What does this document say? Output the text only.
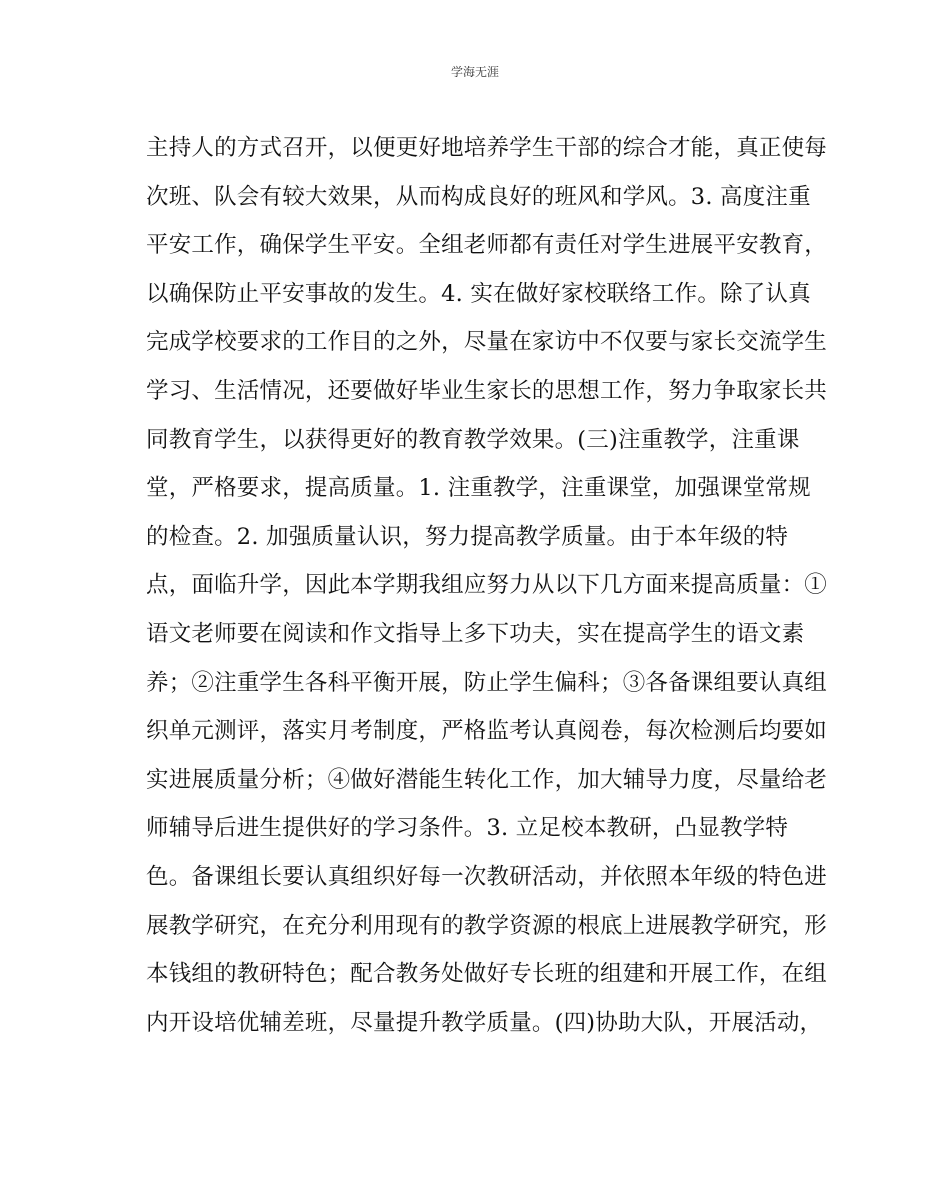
学海无涯
主持人的方式召开，以便更好地培养学生干部的综合才能，真正使每
次班、队会有较大效果，从而构成良好的班风和学风。3. 高度注重
平安工作，确保学生平安。全组老师都有责任对学生进展平安教育，
以确保防止平安事故的发生。4. 实在做好家校联络工作。除了认真
完成学校要求的工作目的之外，尽量在家访中不仅要与家长交流学生
学习、生活情况，还要做好毕业生家长的思想工作，努力争取家长共
同教育学生，以获得更好的教育教学效果。(三)注重教学，注重课
堂，严格要求，提高质量。1. 注重教学，注重课堂，加强课堂常规
的检查。2. 加强质量认识，努力提高教学质量。由于本年级的特
点，面临升学，因此本学期我组应努力从以下几方面来提高质量：①
语文老师要在阅读和作文指导上多下功夫，实在提高学生的语文素
养；②注重学生各科平衡开展，防止学生偏科；③各备课组要认真组
织单元测评，落实月考制度，严格监考认真阅卷，每次检测后均要如
实进展质量分析；④做好潜能生转化工作，加大辅导力度，尽量给老
师辅导后进生提供好的学习条件。3. 立足校本教研，凸显教学特
色。备课组长要认真组织好每一次教研活动，并依照本年级的特色进
展教学研究，在充分利用现有的教学资源的根底上进展教学研究，形
本钱组的教研特色；配合教务处做好专长班的组建和开展工作，在组
内开设培优辅差班，尽量提升教学质量。(四)协助大队，开展活动，
